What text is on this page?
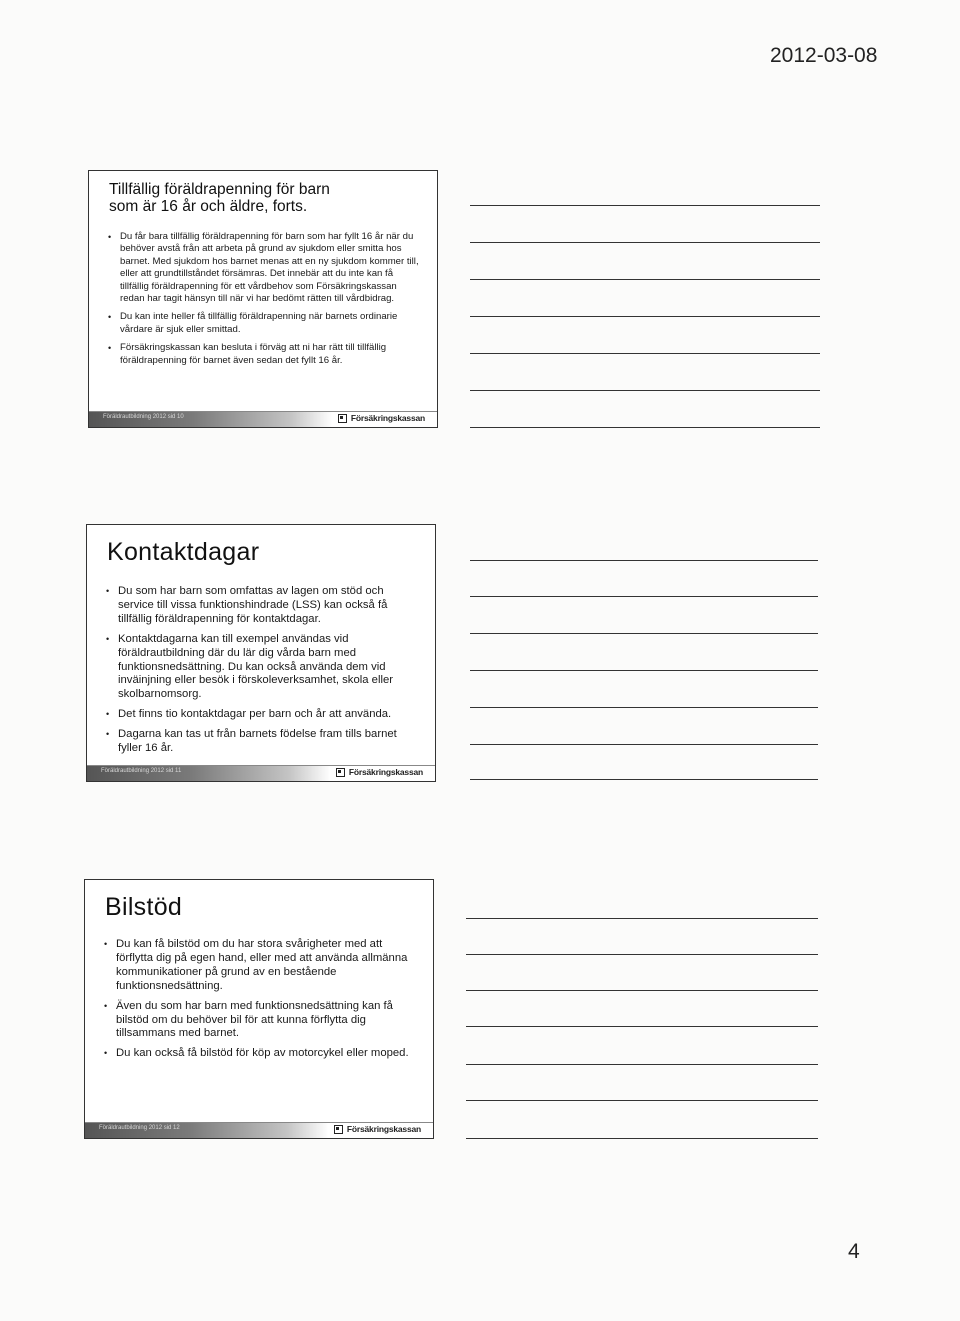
2012-03-08
Tillfällig föräldrapenning för barn som är 16 år och äldre, forts.
• Du får bara tillfällig föräldrapenning för barn som har fyllt 16 år när du behöver avstå från att arbeta på grund av sjukdom eller smitta hos barnet. Med sjukdom hos barnet menas att en ny sjukdom kommer till, eller att grundtillståndet försämras. Det innebär att du inte kan få tillfällig föräldrapenning för ett vårdbehov som Försäkringskassan redan har tagit hänsyn till när vi har bedömt rätten till vårdbidrag.
• Du kan inte heller få tillfällig föräldrapenning när barnets ordinarie vårdare är sjuk eller smittad.
• Försäkringskassan kan besluta i förväg att ni har rätt till tillfällig föräldrapenning för barnet även sedan det fyllt 16 år.
Föräldrautbildning 2012 sid 10	Försäkringskassan
Kontaktdagar
• Du som har barn som omfattas av lagen om stöd och service till vissa funktionshindrade (LSS) kan också få tillfällig föräldrapenning för kontaktdagar.
• Kontaktdagarna kan till exempel användas vid föräldrautbildning där du lär dig vårda barn med funktionsnedsättning. Du kan också använda dem vid inväinjning eller besök i förskoleverksamhet, skola eller skolbarnomsorg.
• Det finns tio kontaktdagar per barn och år att använda.
• Dagarna kan tas ut från barnets födelse fram tills barnet fyller 16 år.
Föräldrautbildning 2012 sid 11	Försäkringskassan
Bilstöd
• Du kan få bilstöd om du har stora svårigheter med att förflytta dig på egen hand, eller med att använda allmänna kommunikationer på grund av en bestående funktionsnedsättning.
• Även du som har barn med funktionsnedsättning kan få bilstöd om du behöver bil för att kunna förflytta dig tillsammans med barnet.
• Du kan också få bilstöd för köp av motorcykel eller moped.
Föräldrautbildning 2012 sid 12	Försäkringskassan
4
